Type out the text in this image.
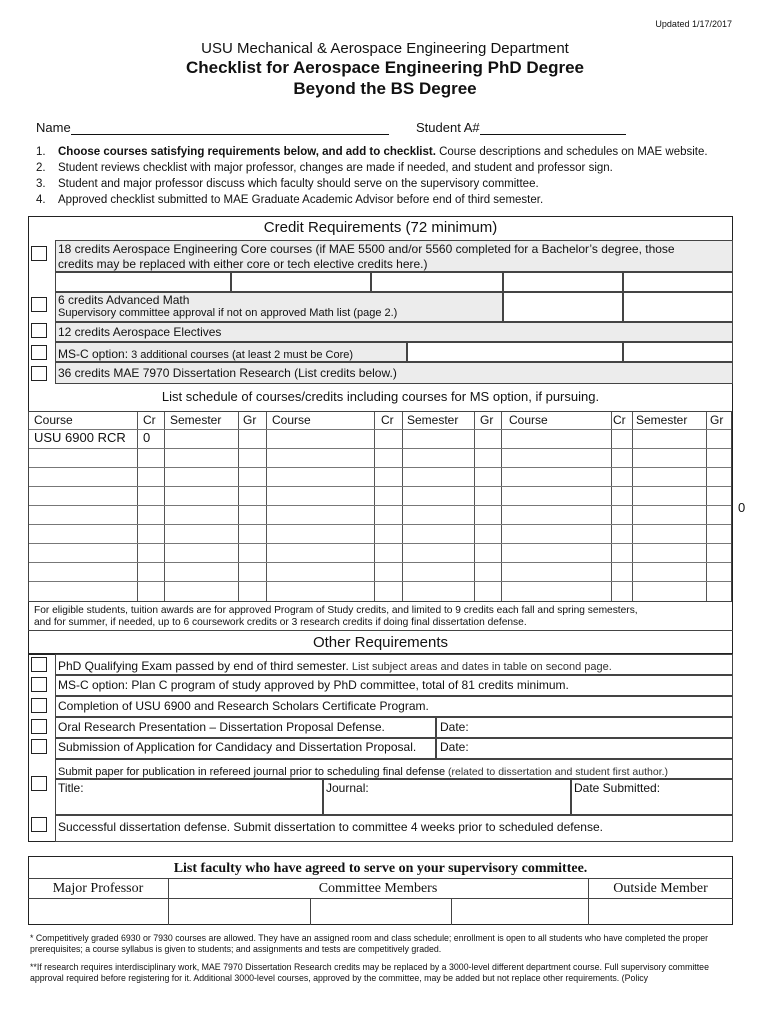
Updated 1/17/2017
USU Mechanical & Aerospace Engineering Department
Checklist for Aerospace Engineering PhD Degree
Beyond the BS Degree
Name	Student A#
1. Choose courses satisfying requirements below, and add to checklist. Course descriptions and schedules on MAE website.
2. Student reviews checklist with major professor, changes are made if needed, and student and professor sign.
3. Student and major professor discuss which faculty should serve on the supervisory committee.
4. Approved checklist submitted to MAE Graduate Academic Advisor before end of third semester.
Credit Requirements (72 minimum)
18 credits Aerospace Engineering Core courses (if MAE 5500 and/or 5560 completed for a Bachelor’s degree, those
credits may be replaced with either core or tech elective credits here.)
6 credits Advanced Math
Supervisory committee approval if not on approved Math list (page 2.)
12 credits Aerospace Electives
MS-C option: 3 additional courses (at least 2 must be Core)
36 credits MAE 7970 Dissertation Research (List credits below.)
List schedule of courses/credits including courses for MS option, if pursuing.
Course	Cr Semester Gr Course	Cr Semester Gr Course	Cr Semester Gr
USU 6900 RCR 0
0
For eligible students, tuition awards are for approved Program of Study credits, and limited to 9 credits each fall and spring semesters,
and for summer, if needed, up to 6 coursework credits or 3 research credits if doing final dissertation defense.
Other Requirements
PhD Qualifying Exam passed by end of third semester. List subject areas and dates in table on second page.
MS-C option: Plan C program of study approved by PhD committee, total of 81 credits minimum.
Completion of USU 6900 and Research Scholars Certificate Program.
Oral Research Presentation – Dissertation Proposal Defense.	Date:
Submission of Application for Candidacy and Dissertation Proposal. Date:
Submit paper for publication in refereed journal prior to scheduling final defense (related to dissertation and student first author.)
Title:	Journal:	Date Submitted:
Successful dissertation defense. Submit dissertation to committee 4 weeks prior to scheduled defense.
List faculty who have agreed to serve on your supervisory committee.
Major Professor	Committee Members	Outside Member
* Competitively graded 6930 or 7930 courses are allowed. They have an assigned room and class schedule; enrollment is open to all students who have completed the proper prerequisites; a course syllabus is given to students; and assignments and tests are competitively graded.
**If research requires interdisciplinary work, MAE 7970 Dissertation Research credits may be replaced by a 3000-level different department course. Full supervisory committee approval required before registering for it. Additional 3000-level courses, approved by the committee, may be added but not replace other requirements. (Policy
